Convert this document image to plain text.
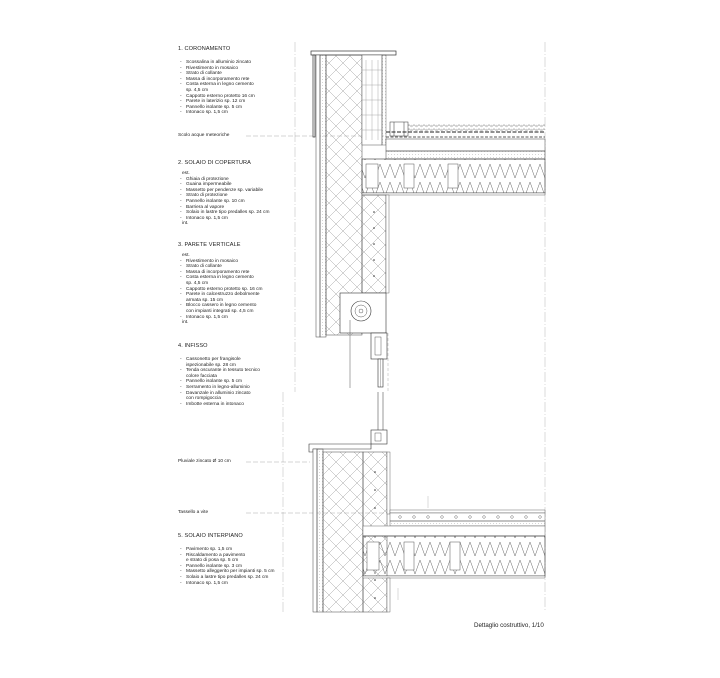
1. CORONAMENTO
- Scossalina in alluminio zincato
- Rivestimento in mosaico
- Strato di collante
- Massa di incorporamento rete
- Costa esterna in legno cemento
sp. 4,5 cm
- Cappotto esterno protetto 16 cm
- Parete in laterizio sp. 12 cm
- Pannello isolante sp. 5 cm
- Intonaco sp. 1,5 cm
2. SOLAIO DI COPERTURA
est.
- Ghiaia di protezione
- Guaina impermeabile
- Massetto per pendenze sp. variabile
- Strato di protezione
- Pannello isolante sp. 10 cm
- Barriera al vapore
- Solaio in lastre tipo predalles sp. 24 cm
- Intonaco sp. 1,5 cm
int.
3. PARETE VERTICALE
est.
- Rivestimento in mosaico
- Strato di collante
- Massa di incorporamento rete
- Costa esterna in legno cemento
sp. 4,5 cm
- Cappotto esterno protetto sp. 16 cm
- Parete in calcestruzzo debolmente
armata sp. 15 cm
- Blocco cassero in legno cemento
con impianti integrati sp. 4,5 cm
- Intonaco sp. 1,5 cm
int.
4. INFISSO
- Cassonetto per frangisole
ispezionabile sp. 28 cm
- Tenda oscurante in tessuto tecnico
colore facciata
- Pannello isolante sp. 5 cm
- Serramento in legno-alluminio
- Davanzale in alluminio zincato
con rompigoccia
- Imbotte esterna in intonaco
5. SOLAIO INTERPIANO
- Pavimento sp. 1,5 cm
- Riscaldamento a pavimento
e strato di posa sp. 5 cm
- Pannello isolante sp. 3 cm
- Massetto alleggerito per impianti sp. 5 cm
- Solaio a lastre tipo predalles sp. 24 cm
- Intonaco sp. 1,5 cm
Scolo acque meteoriche
Pluviale zincato Ø 10 cm
Tassello a vite
Dettaglio costruttivo, 1/10
